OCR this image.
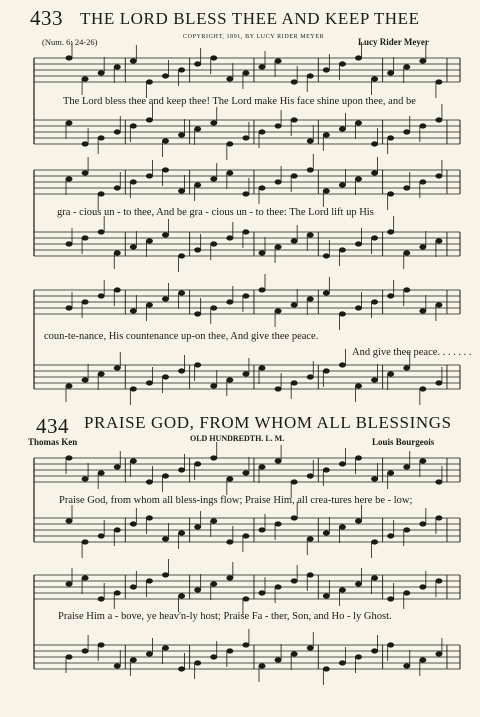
433 THE LORD BLESS THEE AND KEEP THEE
(Num. 6: 24-26)	COPYRIGHT, 1891, BY LUCY RIDER MEYER	Lucy Rider Meyer
The Lord bless thee and keep thee! The Lord make His face shine upon thee, and be
gra - cious un - to thee, And be gra - cious un - to thee: The Lord lift up His
coun-te-nance, His countenance up-on thee, And give thee peace.
And give thee peace. . . . . . .
434 PRAISE GOD, FROM WHOM ALL BLESSINGS
Thomas Ken	OLD HUNDREDTH. L. M.	Louis Bourgeois
Praise God, from whom all bless-ings flow; Praise Him, all crea-tures here be - low;
Praise Him a - bove, ye heav'n-ly host; Praise Fa - ther, Son, and Ho - ly Ghost.
